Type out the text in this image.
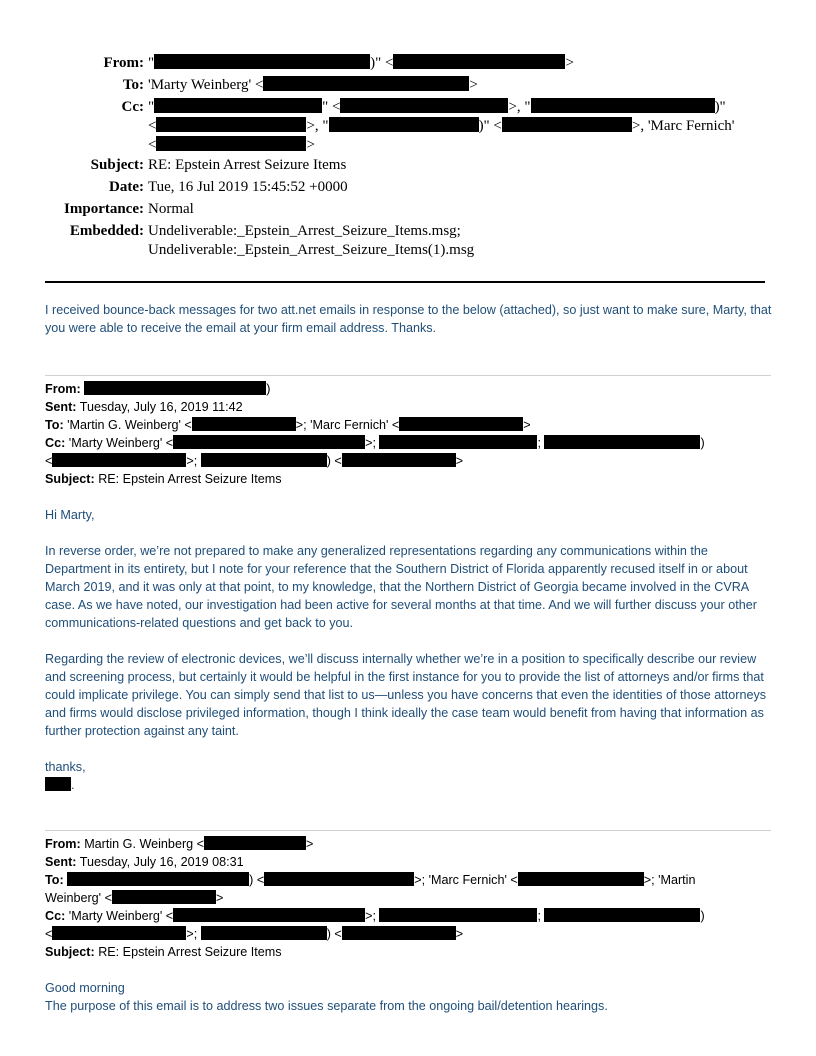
From: "	)" <	>
To: 'Marty Weinberg' <	>
Cc: "	" <	>, "	)"
<	>, "	)" <	>, 'Marc Fernich'
<	>
Subject: RE: Epstein Arrest Seizure Items
Date: Tue, 16 Jul 2019 15:45:52 +0000
Importance: Normal
Embedded: Undeliverable:_Epstein_Arrest_Seizure_Items.msg;
Undeliverable:_Epstein_Arrest_Seizure_Items(1).msg
I received bounce-back messages for two att.net emails in response to the below (attached), so just want to make sure, Marty, that you were able to receive the email at your firm email address. Thanks.
From:	)
Sent: Tuesday, July 16, 2019 11:42
To: 'Martin G. Weinberg' <	>; 'Marc Fernich' <	>
Cc: 'Marty Weinberg' <	>;	;	)
<	>;	) <	>
Subject: RE: Epstein Arrest Seizure Items
Hi Marty,
In reverse order, we’re not prepared to make any generalized representations regarding any communications within the Department in its entirety, but I note for your reference that the Southern District of Florida apparently recused itself in or about March 2019, and it was only at that point, to my knowledge, that the Northern District of Georgia became involved in the CVRA case. As we have noted, our investigation had been active for several months at that time. And we will further discuss your other communications-related questions and get back to you.
Regarding the review of electronic devices, we’ll discuss internally whether we’re in a position to specifically describe our review and screening process, but certainly it would be helpful in the first instance for you to provide the list of attorneys and/or firms that could implicate privilege. You can simply send that list to us—unless you have concerns that even the identities of those attorneys and firms would disclose privileged information, though I think ideally the case team would benefit from having that information as further protection against any taint.
thanks,
.
From: Martin G. Weinberg <	>
Sent: Tuesday, July 16, 2019 08:31
To:	) <	>; 'Marc Fernich' <	>; 'Martin
Weinberg' <	>
Cc: 'Marty Weinberg' <	>;	;	)
<	>;	) <	>
Subject: RE: Epstein Arrest Seizure Items
Good morning
The purpose of this email is to address two issues separate from the ongoing bail/detention hearings.
